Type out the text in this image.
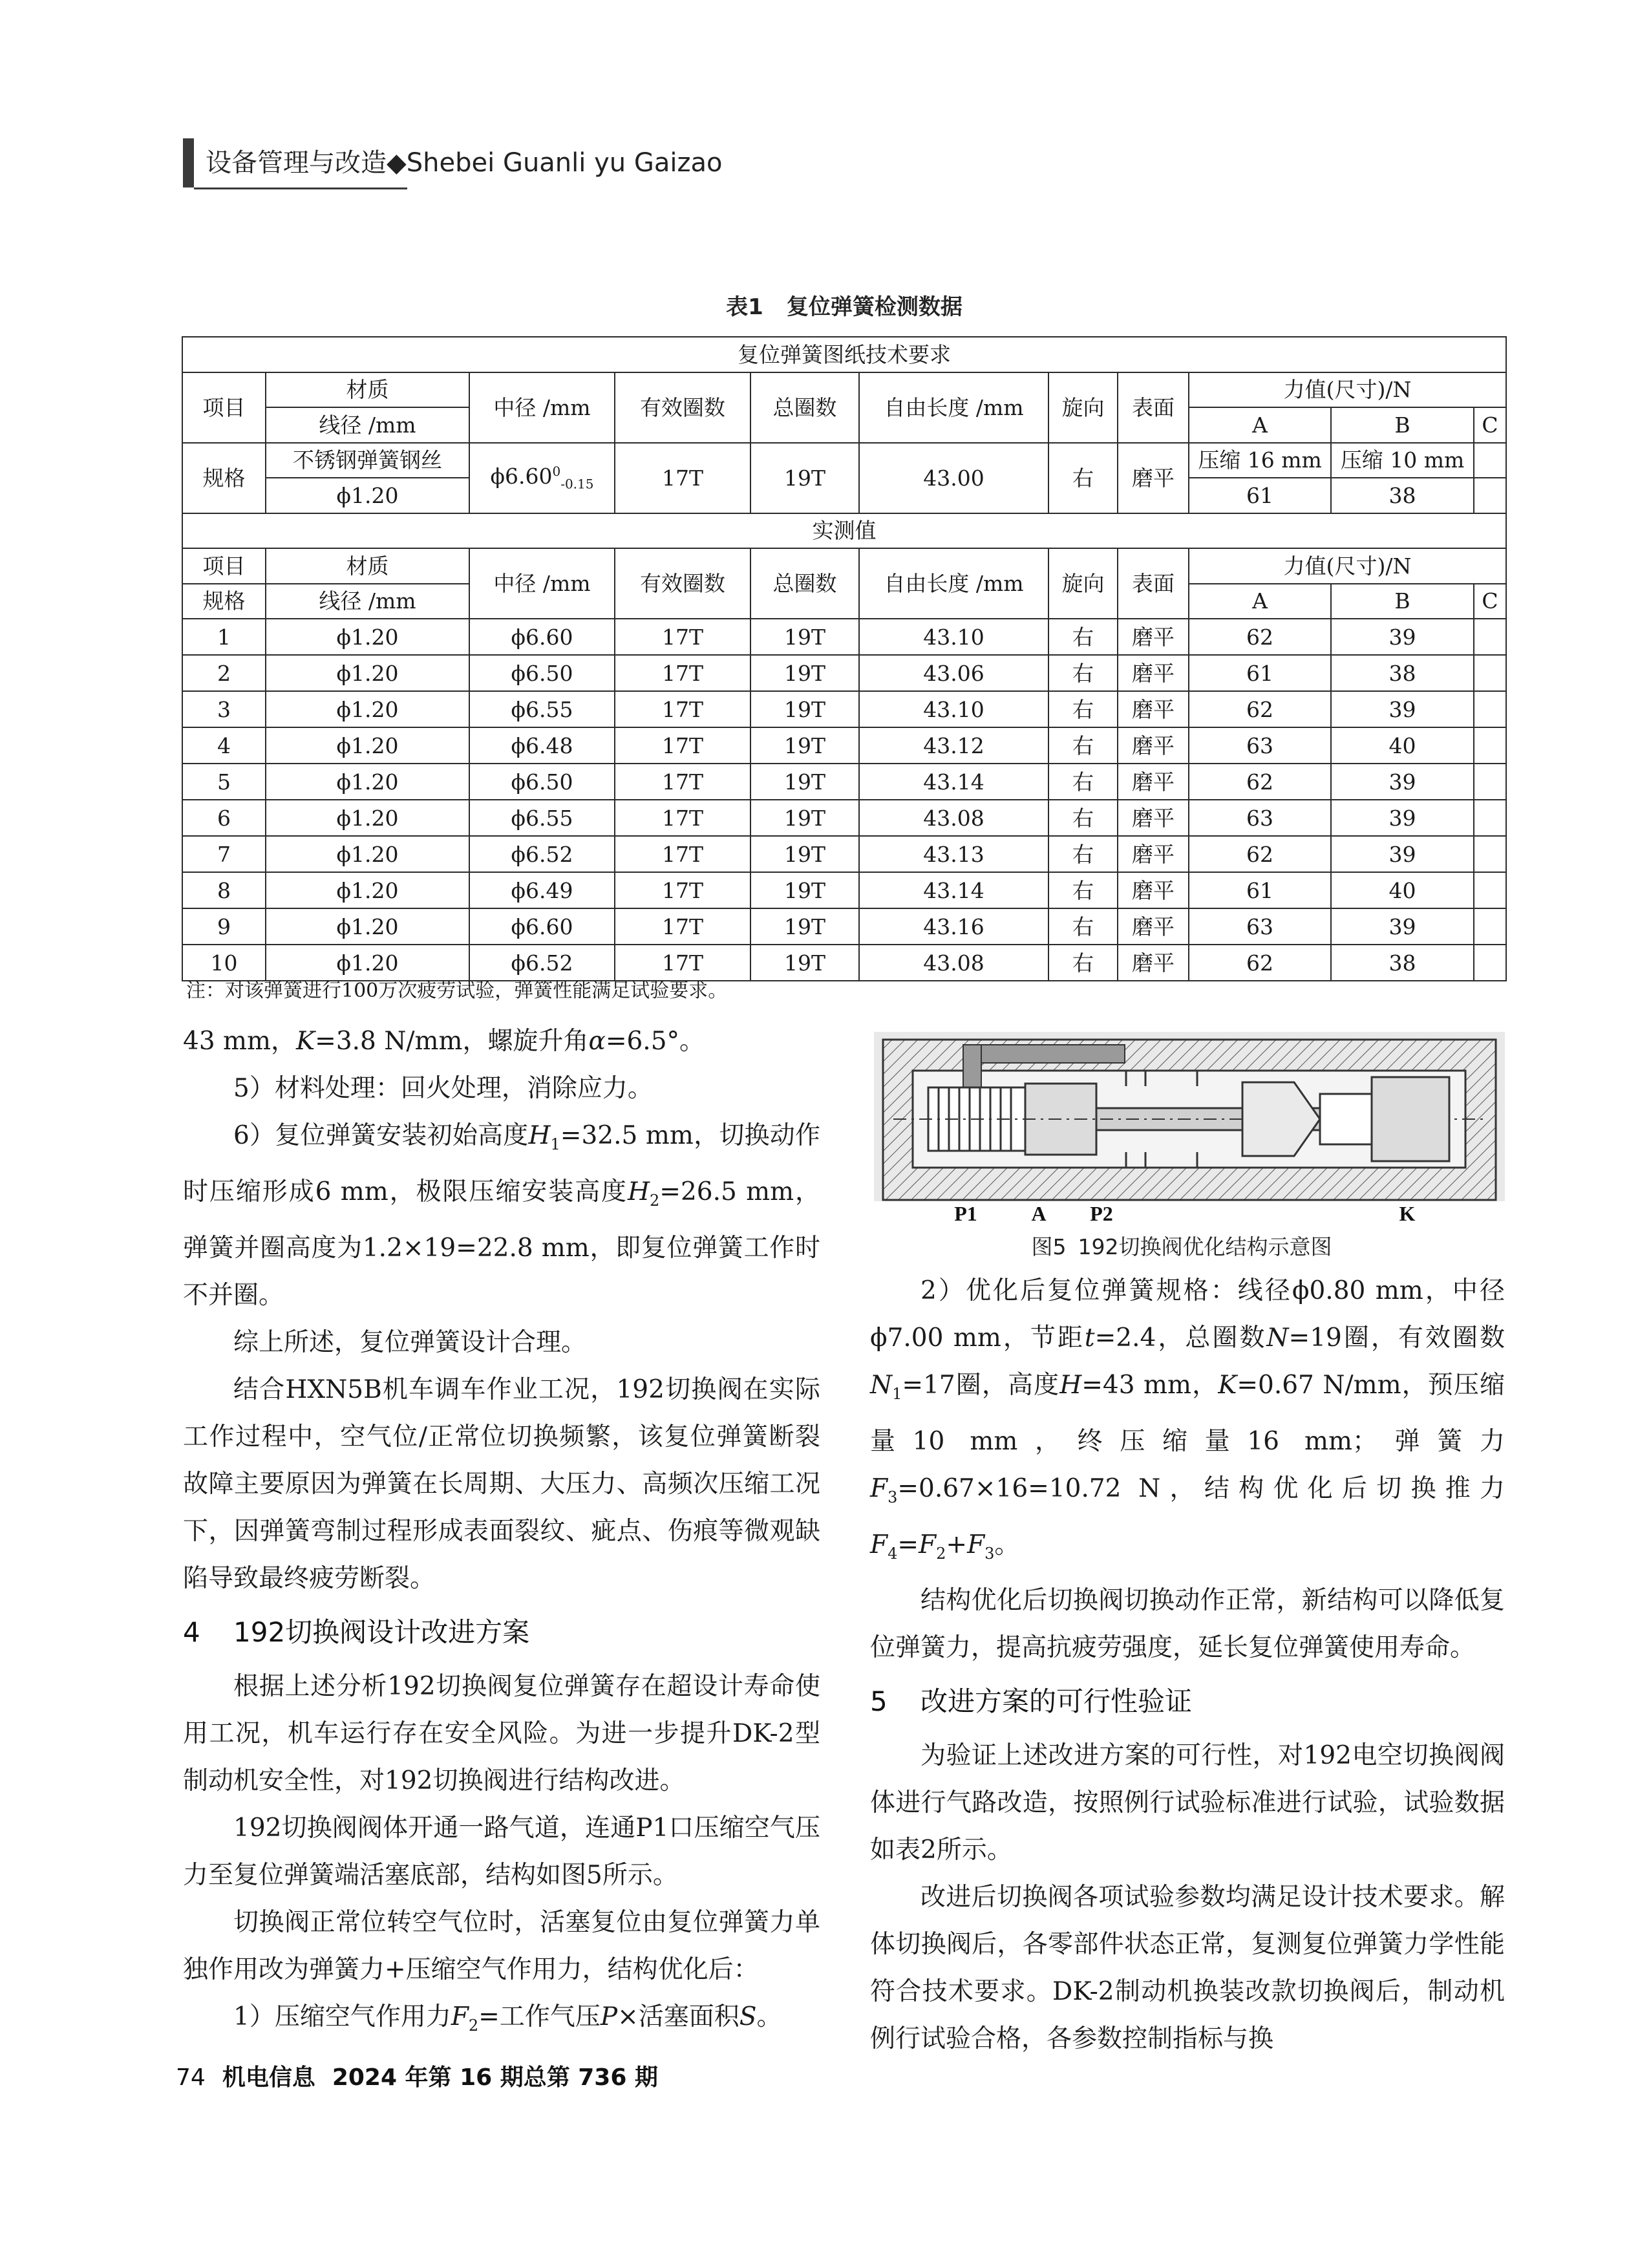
设备管理与改造◆Shebei Guanli yu Gaizao
表1 复位弹簧检测数据
复位弹簧图纸技术要求										
项目	材质	中径 /mm	有效圈数	总圈数	自由长度 /mm	旋向	表面	力值(尺寸)/N		
	线径 /mm							A	B	C
规格	不锈钢弹簧钢丝	$\phi 6.60^0_{-0.15}$	17T	19T	43.00	右	磨平	压缩 16 mm	压缩 10 mm	
	ϕ1.20							61	38	
实测值										
项目	材质	中径 /mm	有效圈数	总圈数	自由长度 /mm	旋向	表面	力值(尺寸)/N		
规格	线径 /mm							A	B	C
1	ϕ1.20	ϕ6.60	17T	19T	43.10	右	磨平	62	39	
2	ϕ1.20	ϕ6.50	17T	19T	43.06	右	磨平	61	38	
3	ϕ1.20	ϕ6.55	17T	19T	43.10	右	磨平	62	39	
4	ϕ1.20	ϕ6.48	17T	19T	43.12	右	磨平	63	40	
5	ϕ1.20	ϕ6.50	17T	19T	43.14	右	磨平	62	39	
6	ϕ1.20	ϕ6.55	17T	19T	43.08	右	磨平	63	39	
7	ϕ1.20	ϕ6.52	17T	19T	43.13	右	磨平	62	39	
8	ϕ1.20	ϕ6.49	17T	19T	43.14	右	磨平	61	40	
9	ϕ1.20	ϕ6.60	17T	19T	43.16	右	磨平	63	39	
10	ϕ1.20	ϕ6.52	17T	19T	43.08	右	磨平	62	38	
注：对该弹簧进行100万次疲劳试验，弹簧性能满足试验要求。

43 mm，K=3.8 N/mm，螺旋升角α=6.5°。

5）材料处理：回火处理，消除应力。

6）复位弹簧安装初始高度$H_1=32.5$ mm，切换动作时压缩形成6 mm，极限压缩安装高度$H_2=26.5$ mm，弹簧并圈高度为1.2×19=22.8 mm，即复位弹簧工作时不并圈。

综上所述，复位弹簧设计合理。

结合HXN5B机车调车作业工况，192切换阀在实际工作过程中，空气位/正常位切换频繁，该复位弹簧断裂故障主要原因为弹簧在长周期、大压力、高频次压缩工况下，因弹簧弯制过程形成表面裂纹、疵点、伤痕等微观缺陷导致最终疲劳断裂。

4 192切换阀设计改进方案

根据上述分析192切换阀复位弹簧存在超设计寿命使用工况，机车运行存在安全风险。为进一步提升DK-2型制动机安全性，对192切换阀进行结构改进。

192切换阀阀体开通一路气道，连通P1口压缩空气压力至复位弹簧端活塞底部，结构如图5所示。

切换阀正常位转空气位时，活塞复位由复位弹簧力单独作用改为弹簧力+压缩空气作用力，结构优化后：

1）压缩空气作用力$F_2=$工作气压P×活塞面积S。

P1	A P2	K
图5 192切换阀优化结构示意图

2）优化后复位弹簧规格：线径ϕ0.80 mm，中径ϕ7.00 mm，节距t=2.4，总圈数N=19圈，有效圈数$N_1=17$圈，高度H=43 mm，K=0.67 N/mm，预压缩量10 mm，终压缩量16 mm；弹簧力$F_3=0.67\times 16=10.72$ N，结构优化后切换推力$F_4=F_2+F_3$。

结构优化后切换阀切换动作正常，新结构可以降低复位弹簧力，提高抗疲劳强度，延长复位弹簧使用寿命。

5 改进方案的可行性验证

为验证上述改进方案的可行性，对192电空切换阀阀体进行气路改造，按照例行试验标准进行试验，试验数据如表2所示。

改进后切换阀各项试验参数均满足设计技术要求。解体切换阀后，各零部件状态正常，复测复位弹簧力学性能符合技术要求。DK-2制动机换装改款切换阀后，制动机例行试验合格，各参数控制指标与换

74 机电信息 2024 年第 16 期总第 736 期
